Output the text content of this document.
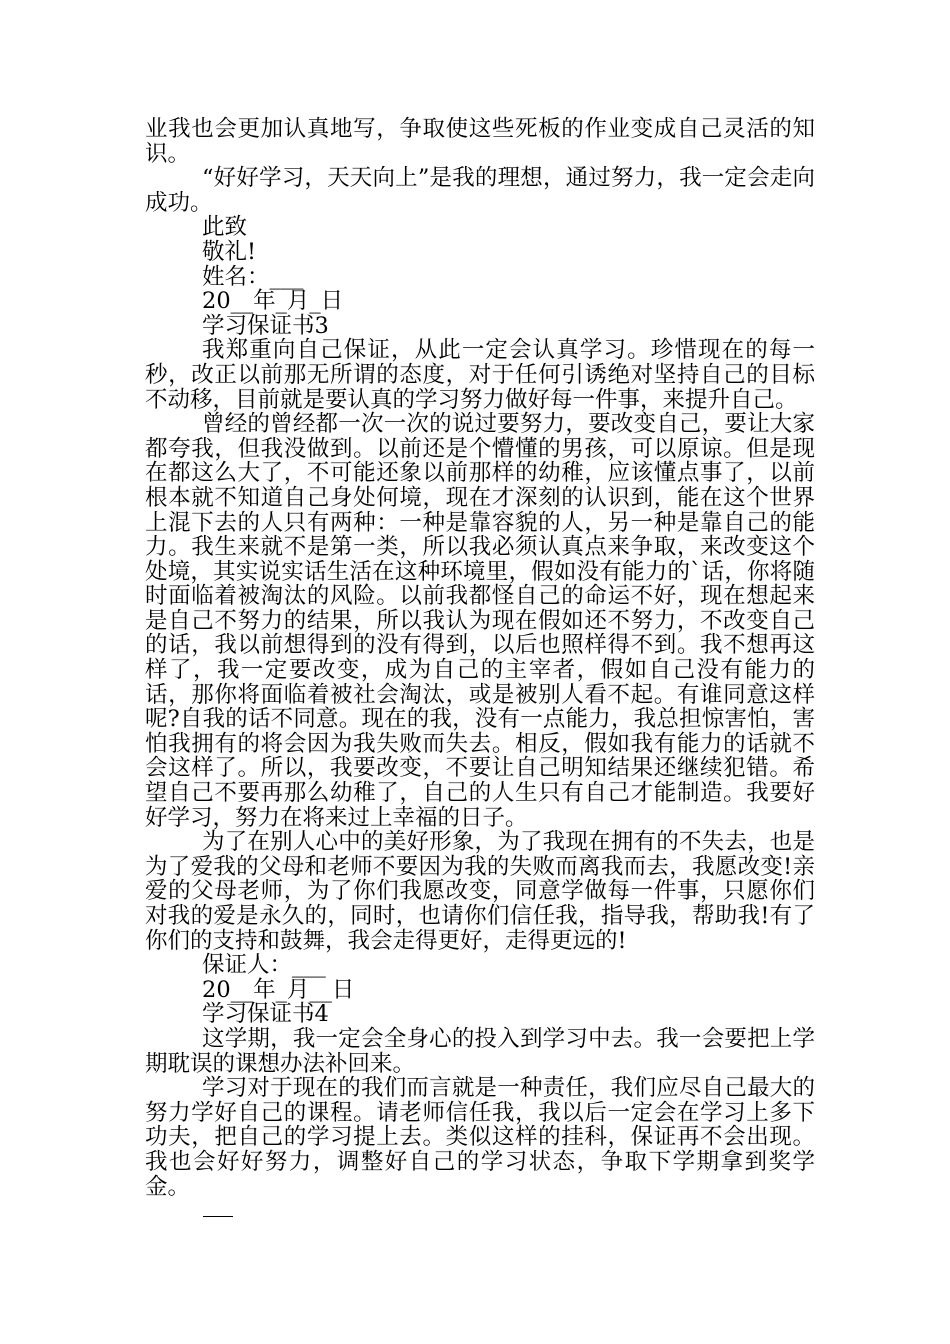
业我也会更加认真地写，争取使这些死板的作业变成自己灵活的知识。

“好好学习，天天向上”是我的理想，通过努力，我一定会走向成功。

此致

敬礼!

姓名：___

20__年_月_日

学习保证书3

我郑重向自己保证，从此一定会认真学习。珍惜现在的每一秒，改正以前那无所谓的态度，对于任何引诱绝对坚持自己的目标不动移，目前就是要认真的学习努力做好每一件事，来提升自己。

曾经的曾经都一次一次的说过要努力，要改变自己，要让大家都夸我，但我没做到。以前还是个懵懂的男孩，可以原谅。但是现在都这么大了，不可能还象以前那样的幼稚，应该懂点事了，以前根本就不知道自己身处何境，现在才深刻的认识到，能在这个世界上混下去的人只有两种：一种是靠容貌的人，另一种是靠自己的能力。我生来就不是第一类，所以我必须认真点来争取，来改变这个处境，其实说实话生活在这种环境里，假如没有能力的`话，你将随时面临着被淘汰的风险。以前我都怪自己的命运不好，现在想起来是自己不努力的结果，所以我认为现在假如还不努力，不改变自己的话，我以前想得到的没有得到，以后也照样得不到。我不想再这样了，我一定要改变，成为自己的主宰者，假如自己没有能力的话，那你将面临着被社会淘汰，或是被别人看不起。有谁同意这样呢?自我的话不同意。现在的我，没有一点能力，我总担惊害怕，害怕我拥有的将会因为我失败而失去。相反，假如我有能力的话就不会这样了。所以，我要改变，不要让自己明知结果还继续犯错。希望自己不要再那么幼稚了，自己的人生只有自己才能制造。我要好好学习，努力在将来过上幸福的日子。

为了在别人心中的美好形象，为了我现在拥有的不失去，也是为了爱我的父母和老师不要因为我的失败而离我而去，我愿改变!亲爱的父母老师，为了你们我愿改变，同意学做每一件事，只愿你们对我的爱是永久的，同时，也请你们信任我，指导我，帮助我!有了你们的支持和鼓舞，我会走得更好，走得更远的!

保证人：___

20__年_月__日

学习保证书4

这学期，我一定会全身心的投入到学习中去。我一会要把上学期耽误的课想办法补回来。

学习对于现在的我们而言就是一种责任，我们应尽自己最大的努力学好自己的课程。请老师信任我，我以后一定会在学习上多下功夫，把自己的学习提上去。类似这样的挂科，保证再不会出现。我也会好好努力，调整好自己的学习状态，争取下学期拿到奖学金。
